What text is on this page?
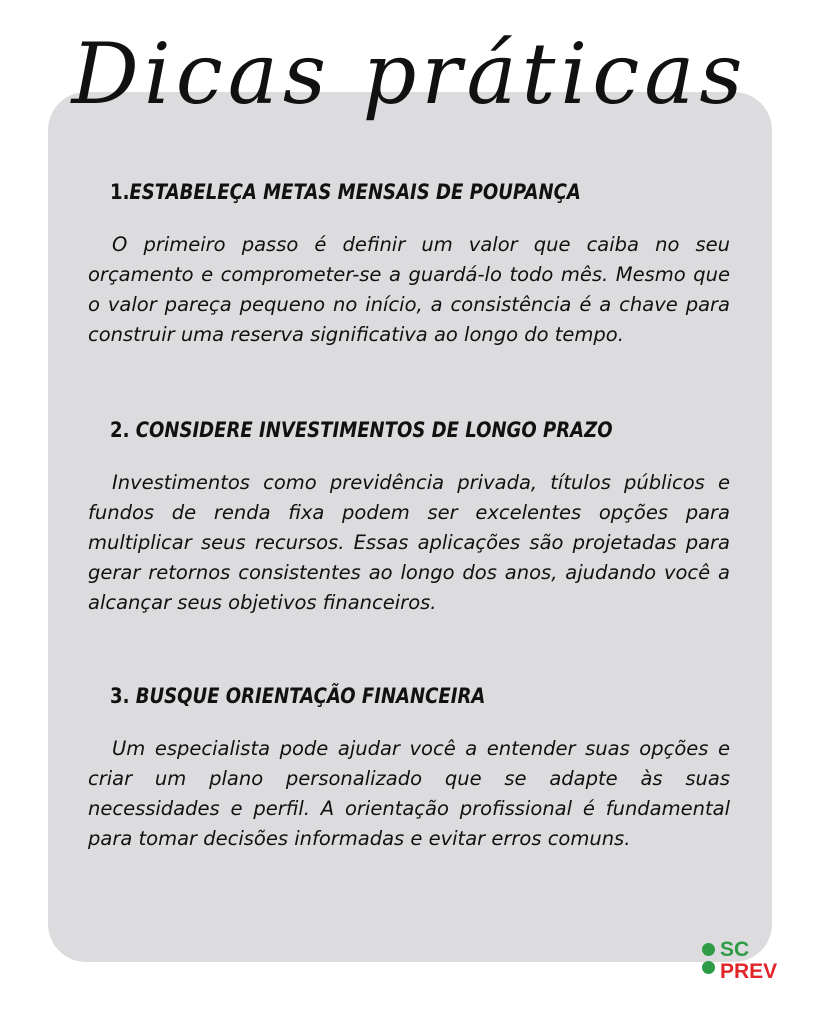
Dicas práticas
1.ESTABELEÇA METAS MENSAIS DE POUPANÇA

O primeiro passo é definir um valor que caiba no seu orçamento e comprometer-se a guardá-lo todo mês. Mesmo que o valor pareça pequeno no início, a consistência é a chave para construir uma reserva significativa ao longo do tempo.

2. CONSIDERE INVESTIMENTOS DE LONGO PRAZO

Investimentos como previdência privada, títulos públicos e fundos de renda fixa podem ser excelentes opções para multiplicar seus recursos. Essas aplicações são projetadas para gerar retornos consistentes ao longo dos anos, ajudando você a alcançar seus objetivos financeiros.

3. BUSQUE ORIENTAÇÃO FINANCEIRA

Um especialista pode ajudar você a entender suas opções e criar um plano personalizado que se adapte às suas necessidades e perfil. A orientação profissional é fundamental para tomar decisões informadas e evitar erros comuns.

SC
PREV
